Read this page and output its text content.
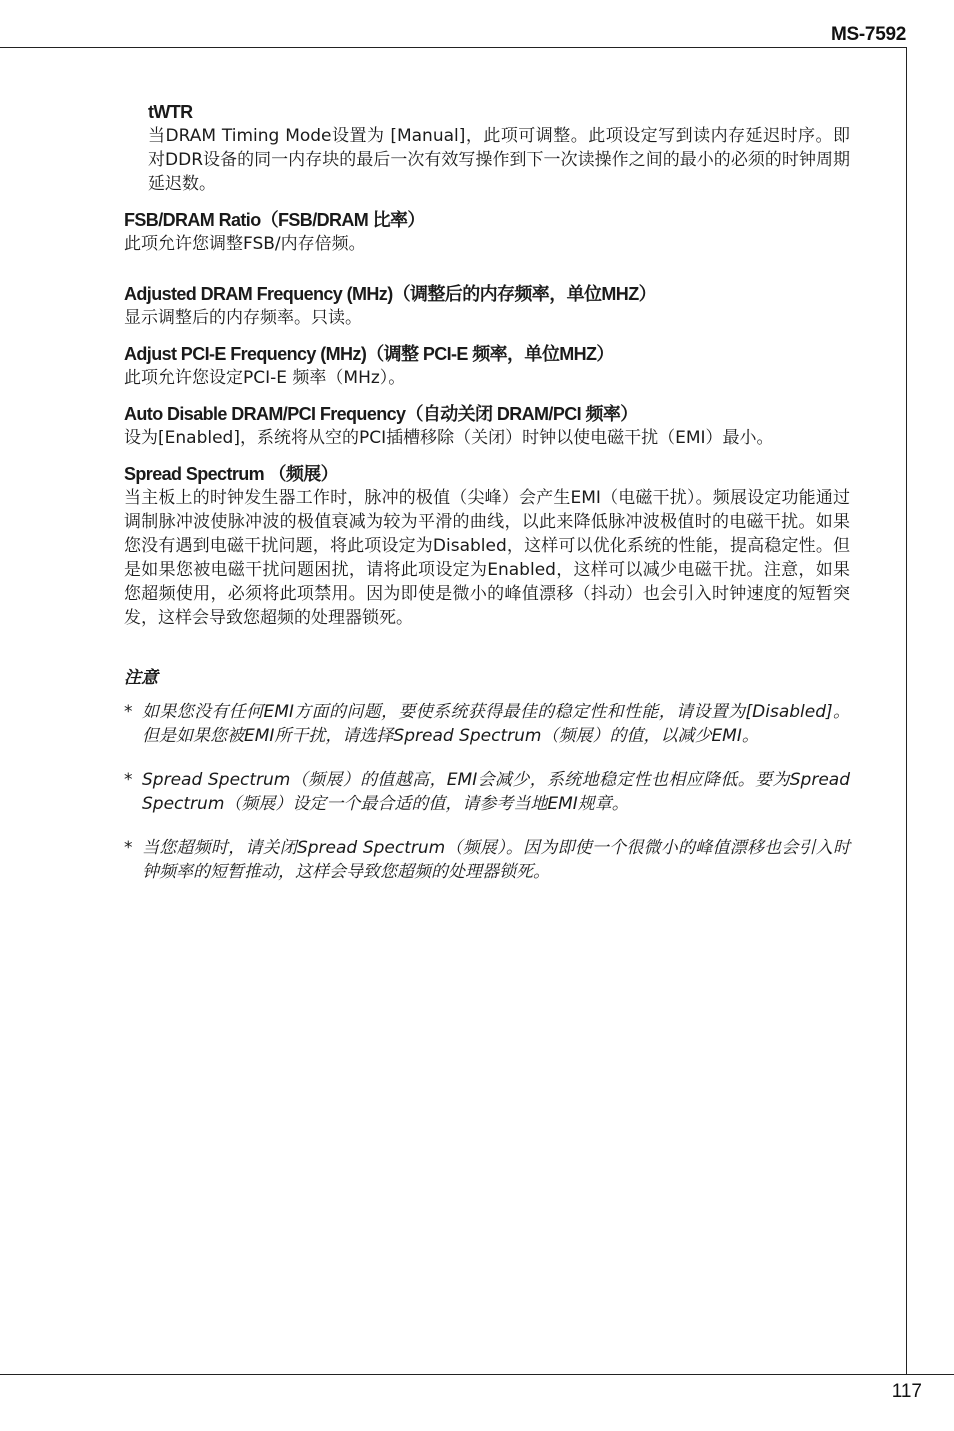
MS-7592
117

tWTR

当DRAM Timing Mode设置为 [Manual]，此项可调整。此项设定写到读内存延迟时序。即对DDR设备的同一内存块的最后一次有效写操作到下一次读操作之间的最小的必须的时钟周期延迟数。

FSB/DRAM Ratio（FSB/DRAM 比率）

此项允许您调整FSB/内存倍频。

Adjusted DRAM Frequency (MHz)（调整后的内存频率，单位MHZ）

显示调整后的内存频率。只读。

Adjust PCI-E Frequency (MHz)（调整 PCI-E 频率，单位MHZ）

此项允许您设定PCI-E 频率（MHz）。

Auto Disable DRAM/PCI Frequency（自动关闭 DRAM/PCI 频率）

设为[Enabled]，系统将从空的PCI插槽移除（关闭）时钟以使电磁干扰（EMI）最小。

Spread Spectrum （频展）

当主板上的时钟发生器工作时，脉冲的极值（尖峰）会产生EMI（电磁干扰）。频展设定功能通过调制脉冲波使脉冲波的极值衰减为较为平滑的曲线，以此来降低脉冲波极值时的电磁干扰。如果您没有遇到电磁干扰问题，将此项设定为Disabled，这样可以优化系统的性能，提高稳定性。但是如果您被电磁干扰问题困扰，请将此项设定为Enabled，这样可以减少电磁干扰。注意，如果您超频使用，必须将此项禁用。因为即使是微小的峰值漂移（抖动）也会引入时钟速度的短暂突发，这样会导致您超频的处理器锁死。

注意

* 如果您没有任何EMI方面的问题，要使系统获得最佳的稳定性和性能，请设置为[Disabled]。但是如果您被EMI所干扰，请选择Spread Spectrum（频展）的值，以减少EMI。
* Spread Spectrum（频展）的值越高，EMI会减少，系统地稳定性也相应降低。要为Spread Spectrum（频展）设定一个最合适的值，请参考当地EMI规章。
* 当您超频时，请关闭Spread Spectrum（频展）。因为即使一个很微小的峰值漂移也会引入时钟频率的短暂推动，这样会导致您超频的处理器锁死。
